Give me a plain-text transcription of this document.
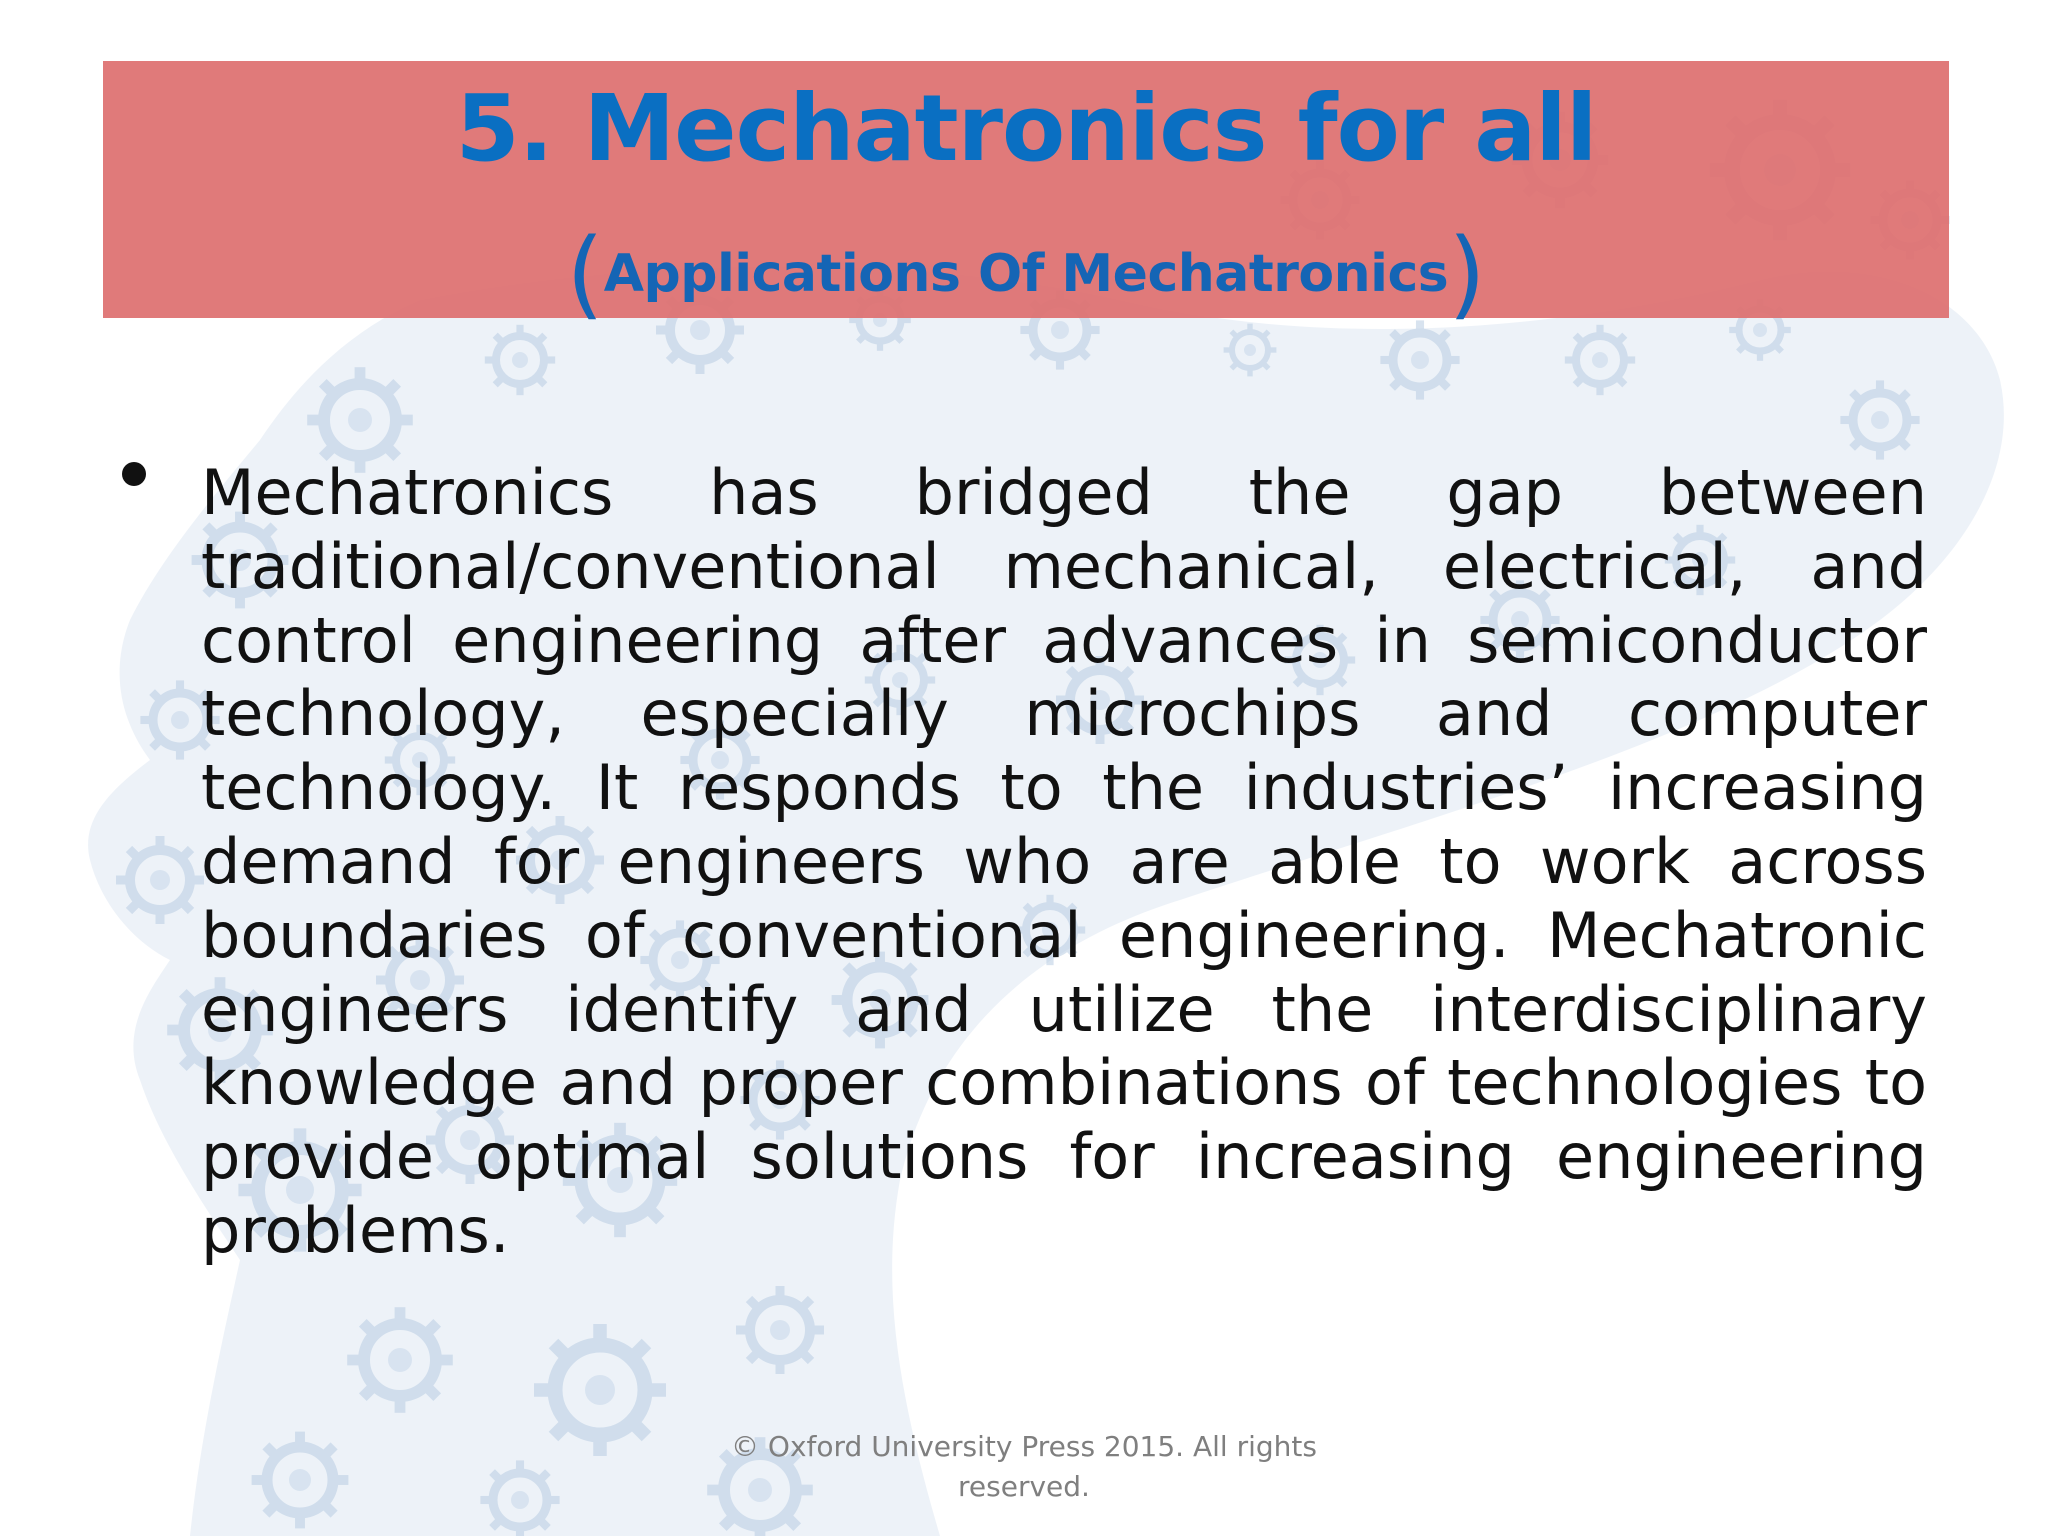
5. Mechatronics for all
(Applications Of Mechatronics)
Mechatronics has bridged the gap between traditional/conventional mechanical, electrical, and control engineering after advances in semiconductor technology, especially microchips and computer technology. It responds to the industries’ increasing demand for engineers who are able to work across boundaries of conventional engineering. Mechatronic engineers identify and utilize the interdisciplinary knowledge and proper combinations of technologies to provide optimal solutions for increasing engineering problems.
© Oxford University Press 2015. All rights reserved.
